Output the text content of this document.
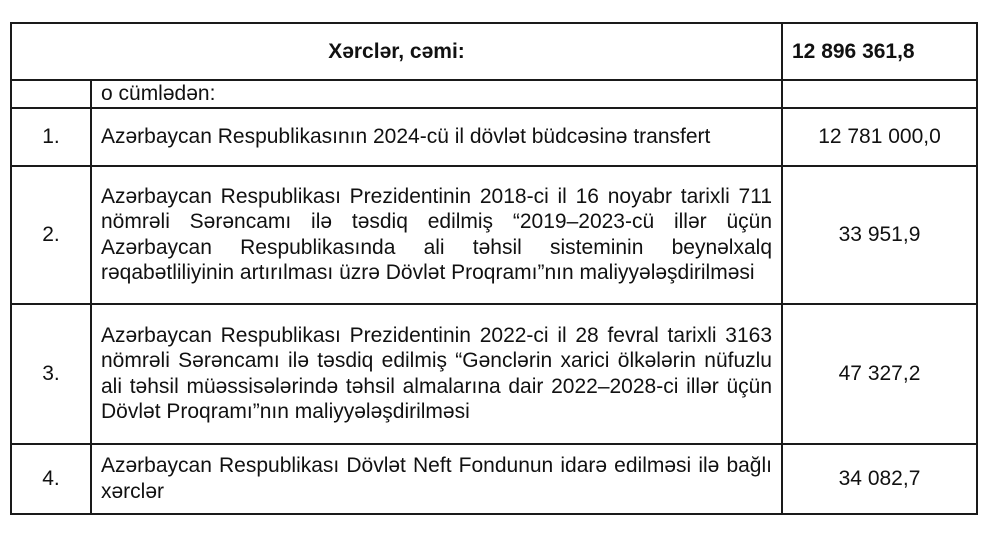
Xərclər, cəmi:		12 896 361,8
	o cümlədən:	
1.	Azərbaycan Respublikasının 2024-cü il dövlət büdcəsinə transfert	12 781 000,0
2.	Azərbaycan Respublikası Prezidentinin 2018-ci il 16 noyabr tarixli 711 nömrəli Sərəncamı ilə təsdiq edilmiş “2019–2023-cü illər üçün Azərbaycan Respublikasında ali təhsil sisteminin beynəlxalq rəqabətliliyinin artırılması üzrə Dövlət Proqramı”nın maliyyələşdirilməsi	33 951,9
3.	Azərbaycan Respublikası Prezidentinin 2022-ci il 28 fevral tarixli 3163 nömrəli Sərəncamı ilə təsdiq edilmiş “Gənclərin xarici ölkələrin nüfuzlu ali təhsil müəssisələrində təhsil almalarına dair 2022–2028-ci illər üçün Dövlət Proqramı”nın maliyyələşdirilməsi	47 327,2
4.	Azərbaycan Respublikası Dövlət Neft Fondunun idarə edilməsi ilə bağlı xərclər	34 082,7
